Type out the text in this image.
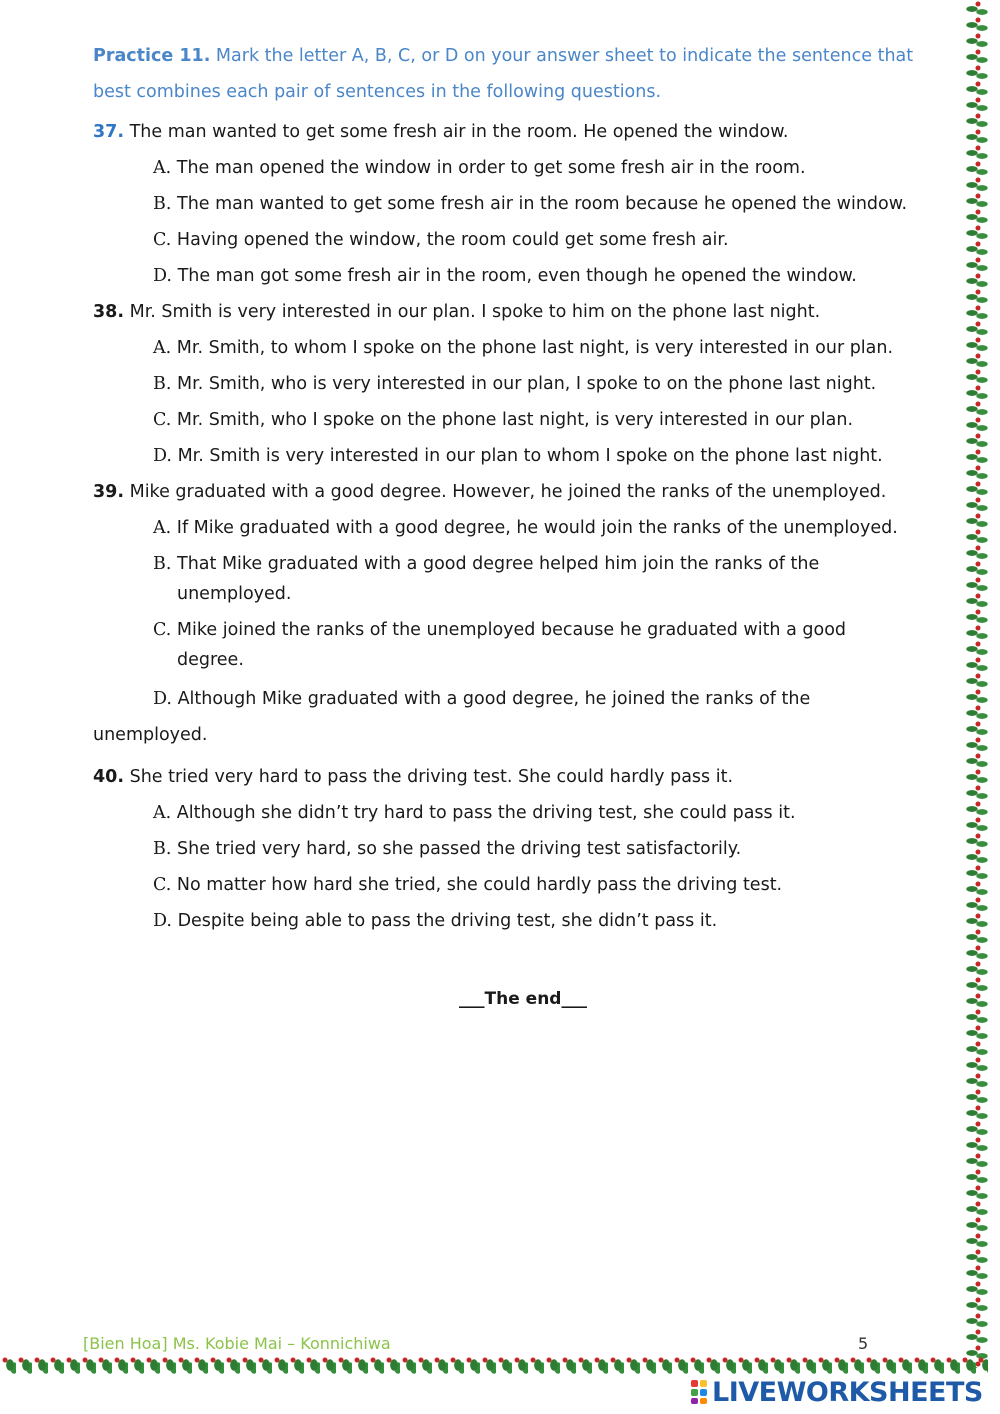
Practice 11. Mark the letter A, B, C, or D on your answer sheet to indicate the sentence that best combines each pair of sentences in the following questions.

37. The man wanted to get some fresh air in the room. He opened the window.

A. The man opened the window in order to get some fresh air in the room.
B. The man wanted to get some fresh air in the room because he opened the window.
C. Having opened the window, the room could get some fresh air.
D. The man got some fresh air in the room, even though he opened the window.

38. Mr. Smith is very interested in our plan. I spoke to him on the phone last night.

A. Mr. Smith, to whom I spoke on the phone last night, is very interested in our plan.
B. Mr. Smith, who is very interested in our plan, I spoke to on the phone last night.
C. Mr. Smith, who I spoke on the phone last night, is very interested in our plan.
D. Mr. Smith is very interested in our plan to whom I spoke on the phone last night.

39. Mike graduated with a good degree. However, he joined the ranks of the unemployed.

A. If Mike graduated with a good degree, he would join the ranks of the unemployed.
B. That Mike graduated with a good degree helped him join the ranks of the unemployed.
C. Mike joined the ranks of the unemployed because he graduated with a good degree.
D. Although Mike graduated with a good degree, he joined the ranks of the

unemployed.

40. She tried very hard to pass the driving test. She could hardly pass it.

A. Although she didn’t try hard to pass the driving test, she could pass it.
B. She tried very hard, so she passed the driving test satisfactorily.
C. No matter how hard she tried, she could hardly pass the driving test.
D. Despite being able to pass the driving test, she didn’t pass it.
___The end___
[Bien Hoa] Ms. Kobie Mai – Konnichiwa	5
LIVEWORKSHEETS
